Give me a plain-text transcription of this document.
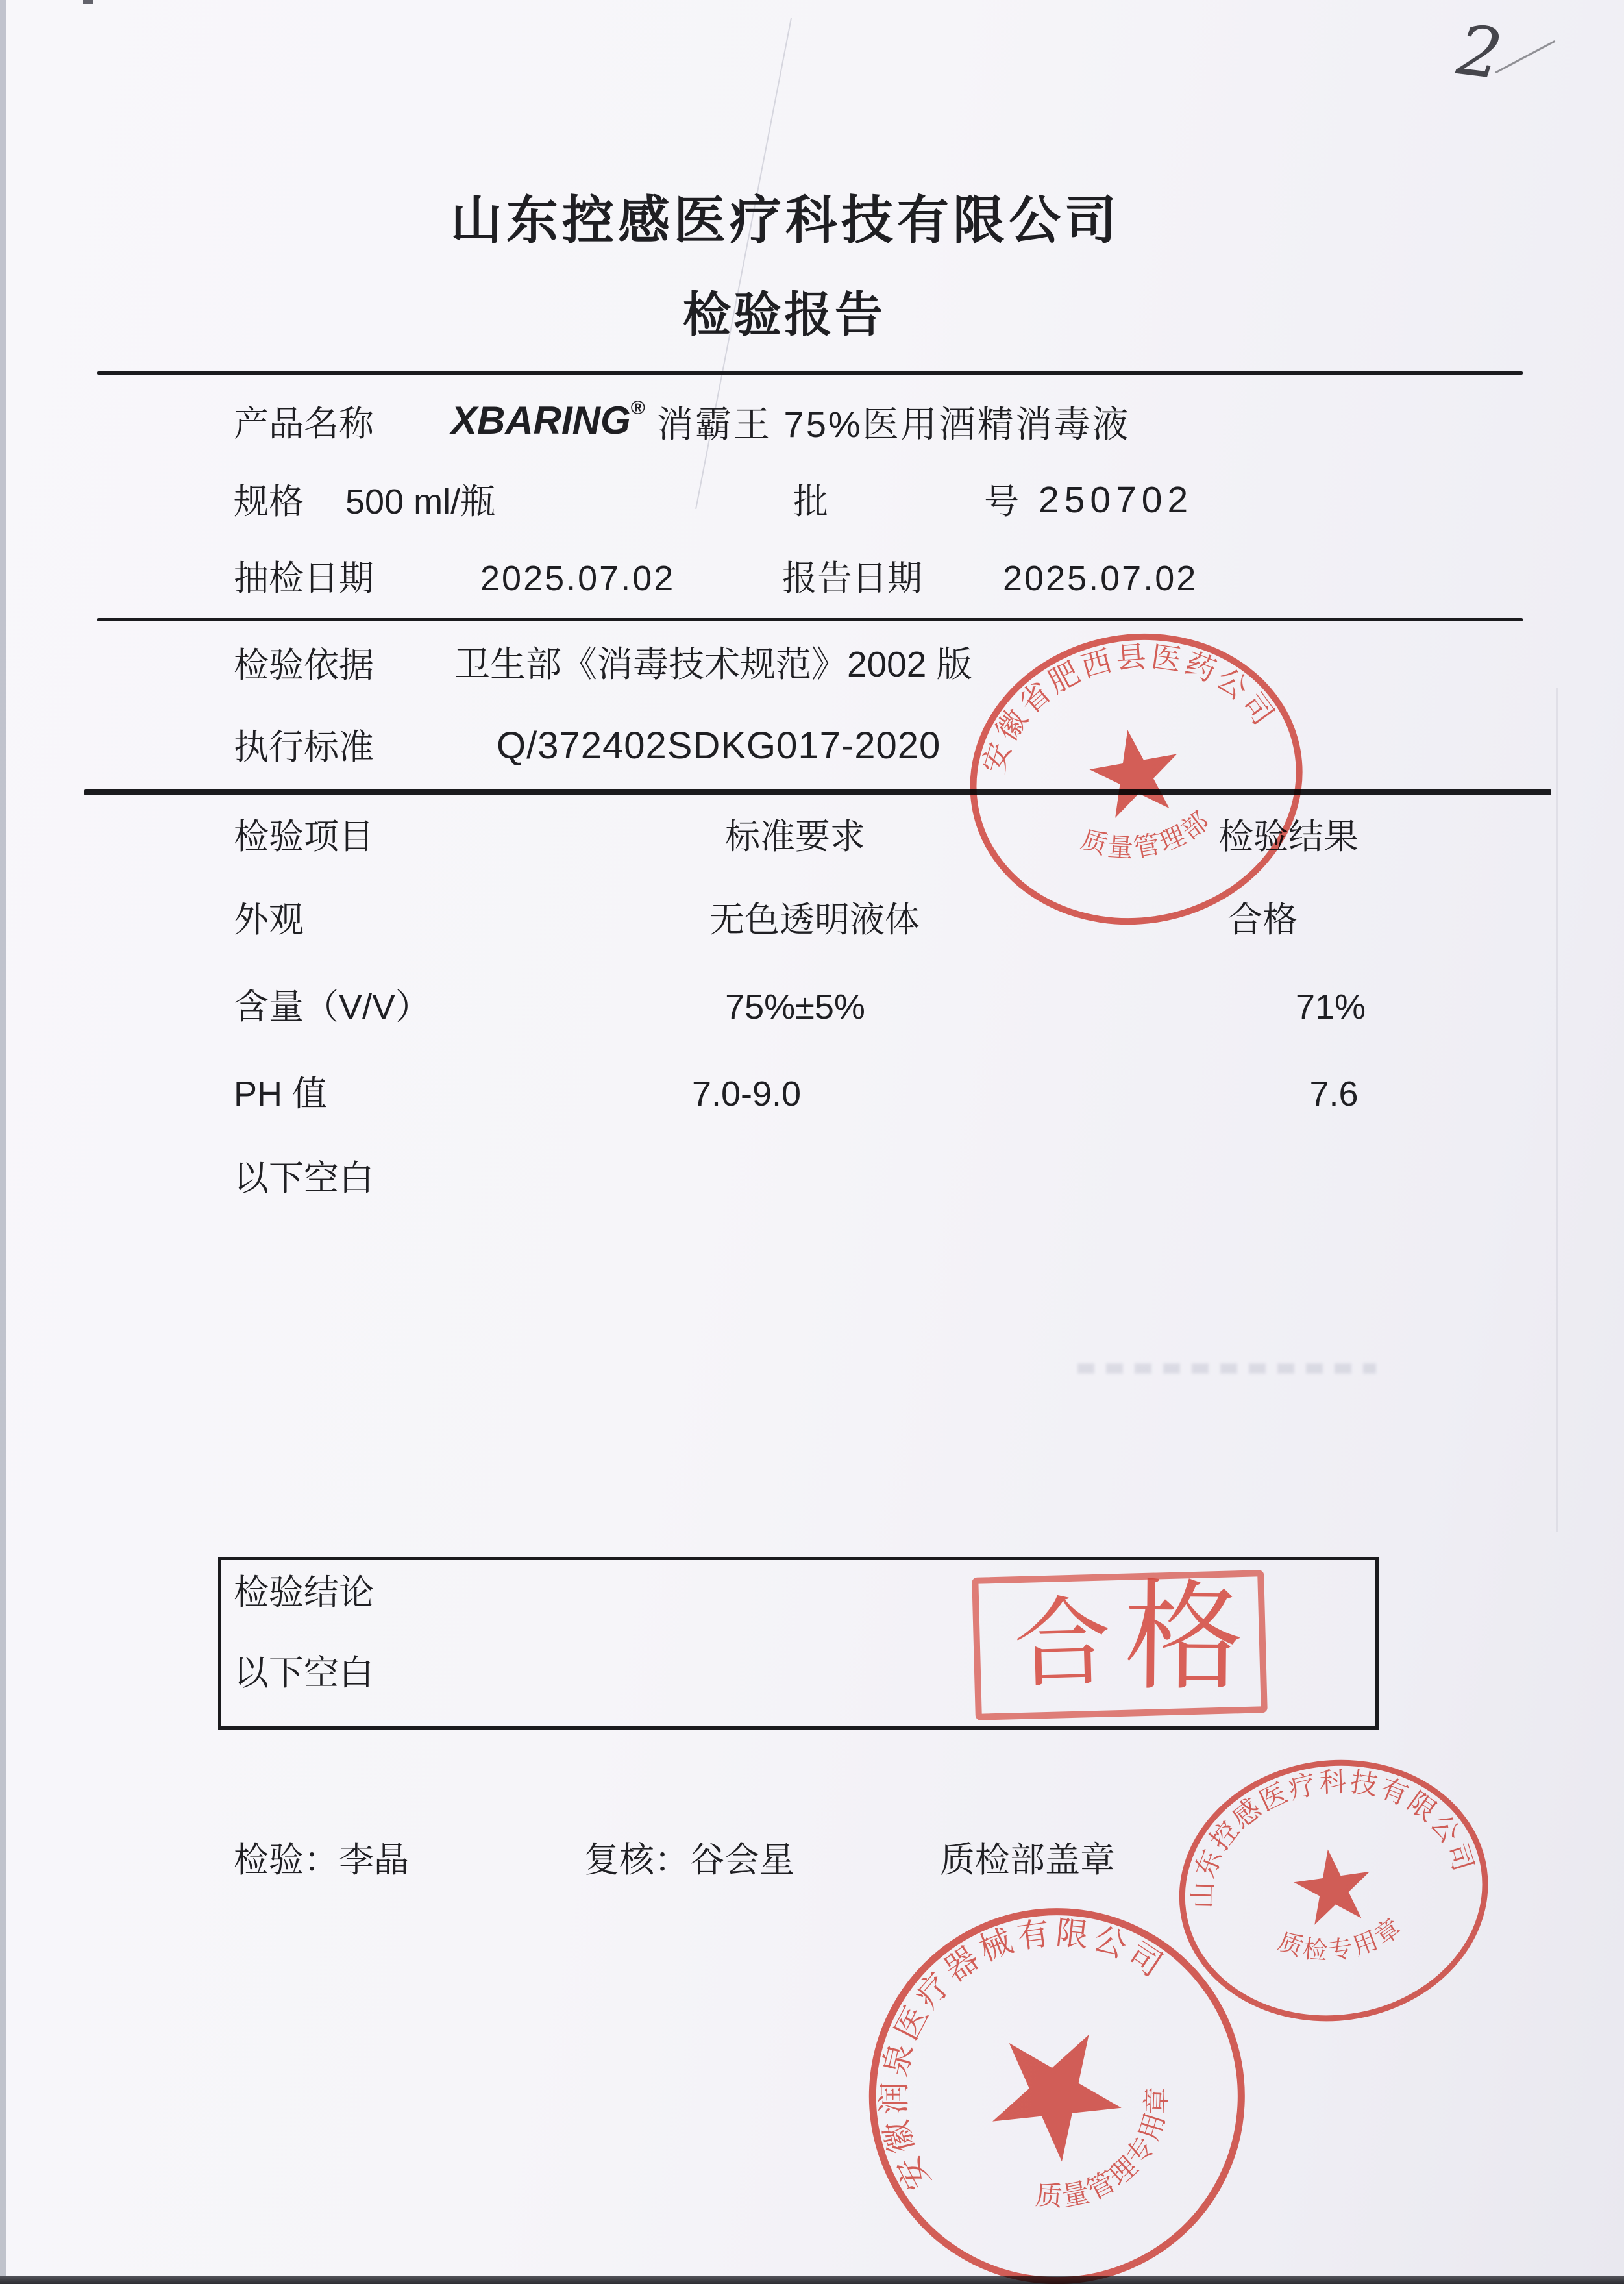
2
山东控感医疗科技有限公司
检验报告
产品名称 XBARING® 消霸王 75%医用酒精消毒液
规格 500 ml/瓶	批	号 250702
抽检日期	2025.07.02	报告日期 2025.07.02
检验依据 卫生部《消毒技术规范》2002 版
执行标准	Q/372402SDKG017-2020
检验项目	标准要求	检验结果
外观	无色透明液体	合格
含量（V/V）	75%±5%	71%
PH 值	7.0-9.0	7.6
以下空白
检验结论
以下空白	合 格
检验：李晶	复核：谷会星	质检部盖章
安徽省肥西县医药公司
质量管理部
山东控感医疗科技有限公司
质检专用章
安徽润泉医疗器械有限公司
质量管理专用章
